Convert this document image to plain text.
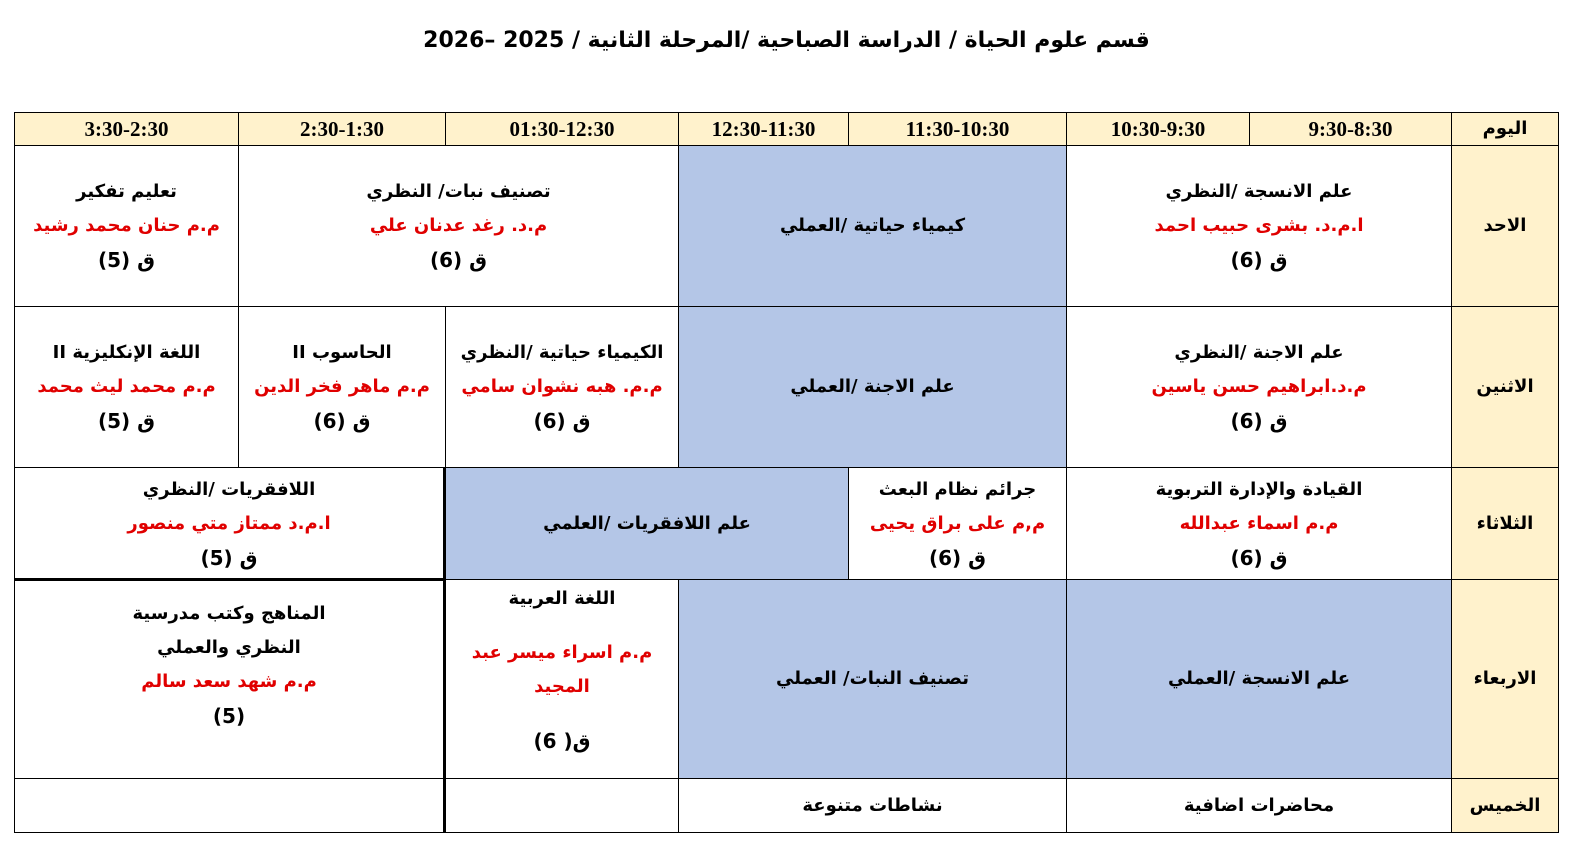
قسم علوم الحياة / الدراسة الصباحية /المرحلة الثانية / 2025 –2026
اليوم
9:30-8:30
10:30-9:30
11:30-10:30
12:30-11:30
01:30-12:30
2:30-1:30
3:30-2:30
الاحد
علم الانسجة /النظري
ا.م.د. بشرى حبيب احمد
ق (6)
كيمياء حياتية /العملي
تصنيف نبات/ النظري
م.د. رغد عدنان علي
ق (6)
تعليم تفكير
م.م حنان محمد رشيد
ق (5)
الاثنين
علم الاجنة /النظري
م.د.ابراهيم حسن ياسين
ق (6)
علم الاجنة /العملي
الكيمياء حياتية /النظري
م.م. هبه نشوان سامي
ق (6)
الحاسوب II
م.م ماهر فخر الدين
ق (6)
اللغة الإنكليزية II
م.م محمد ليث محمد
ق (5)
الثلاثاء
القيادة والإدارة التربوية
م.م اسماء عبدالله
ق (6)
جرائم نظام البعث
م,م على براق يحيى
ق (6)
علم اللافقريات /العلمي
اللافقريات /النظري
ا.م.د ممتاز متي منصور
ق (5)
الاربعاء
علم الانسجة /العملي
تصنيف النبات/ العملي
اللغة العربية
م.م اسراء ميسر عبد
المجيد
ق( 6)
المناهج وكتب مدرسية
النظري والعملي
م.م شهد سعد سالم
(5)
الخميس
محاضرات اضافية
نشاطات متنوعة
